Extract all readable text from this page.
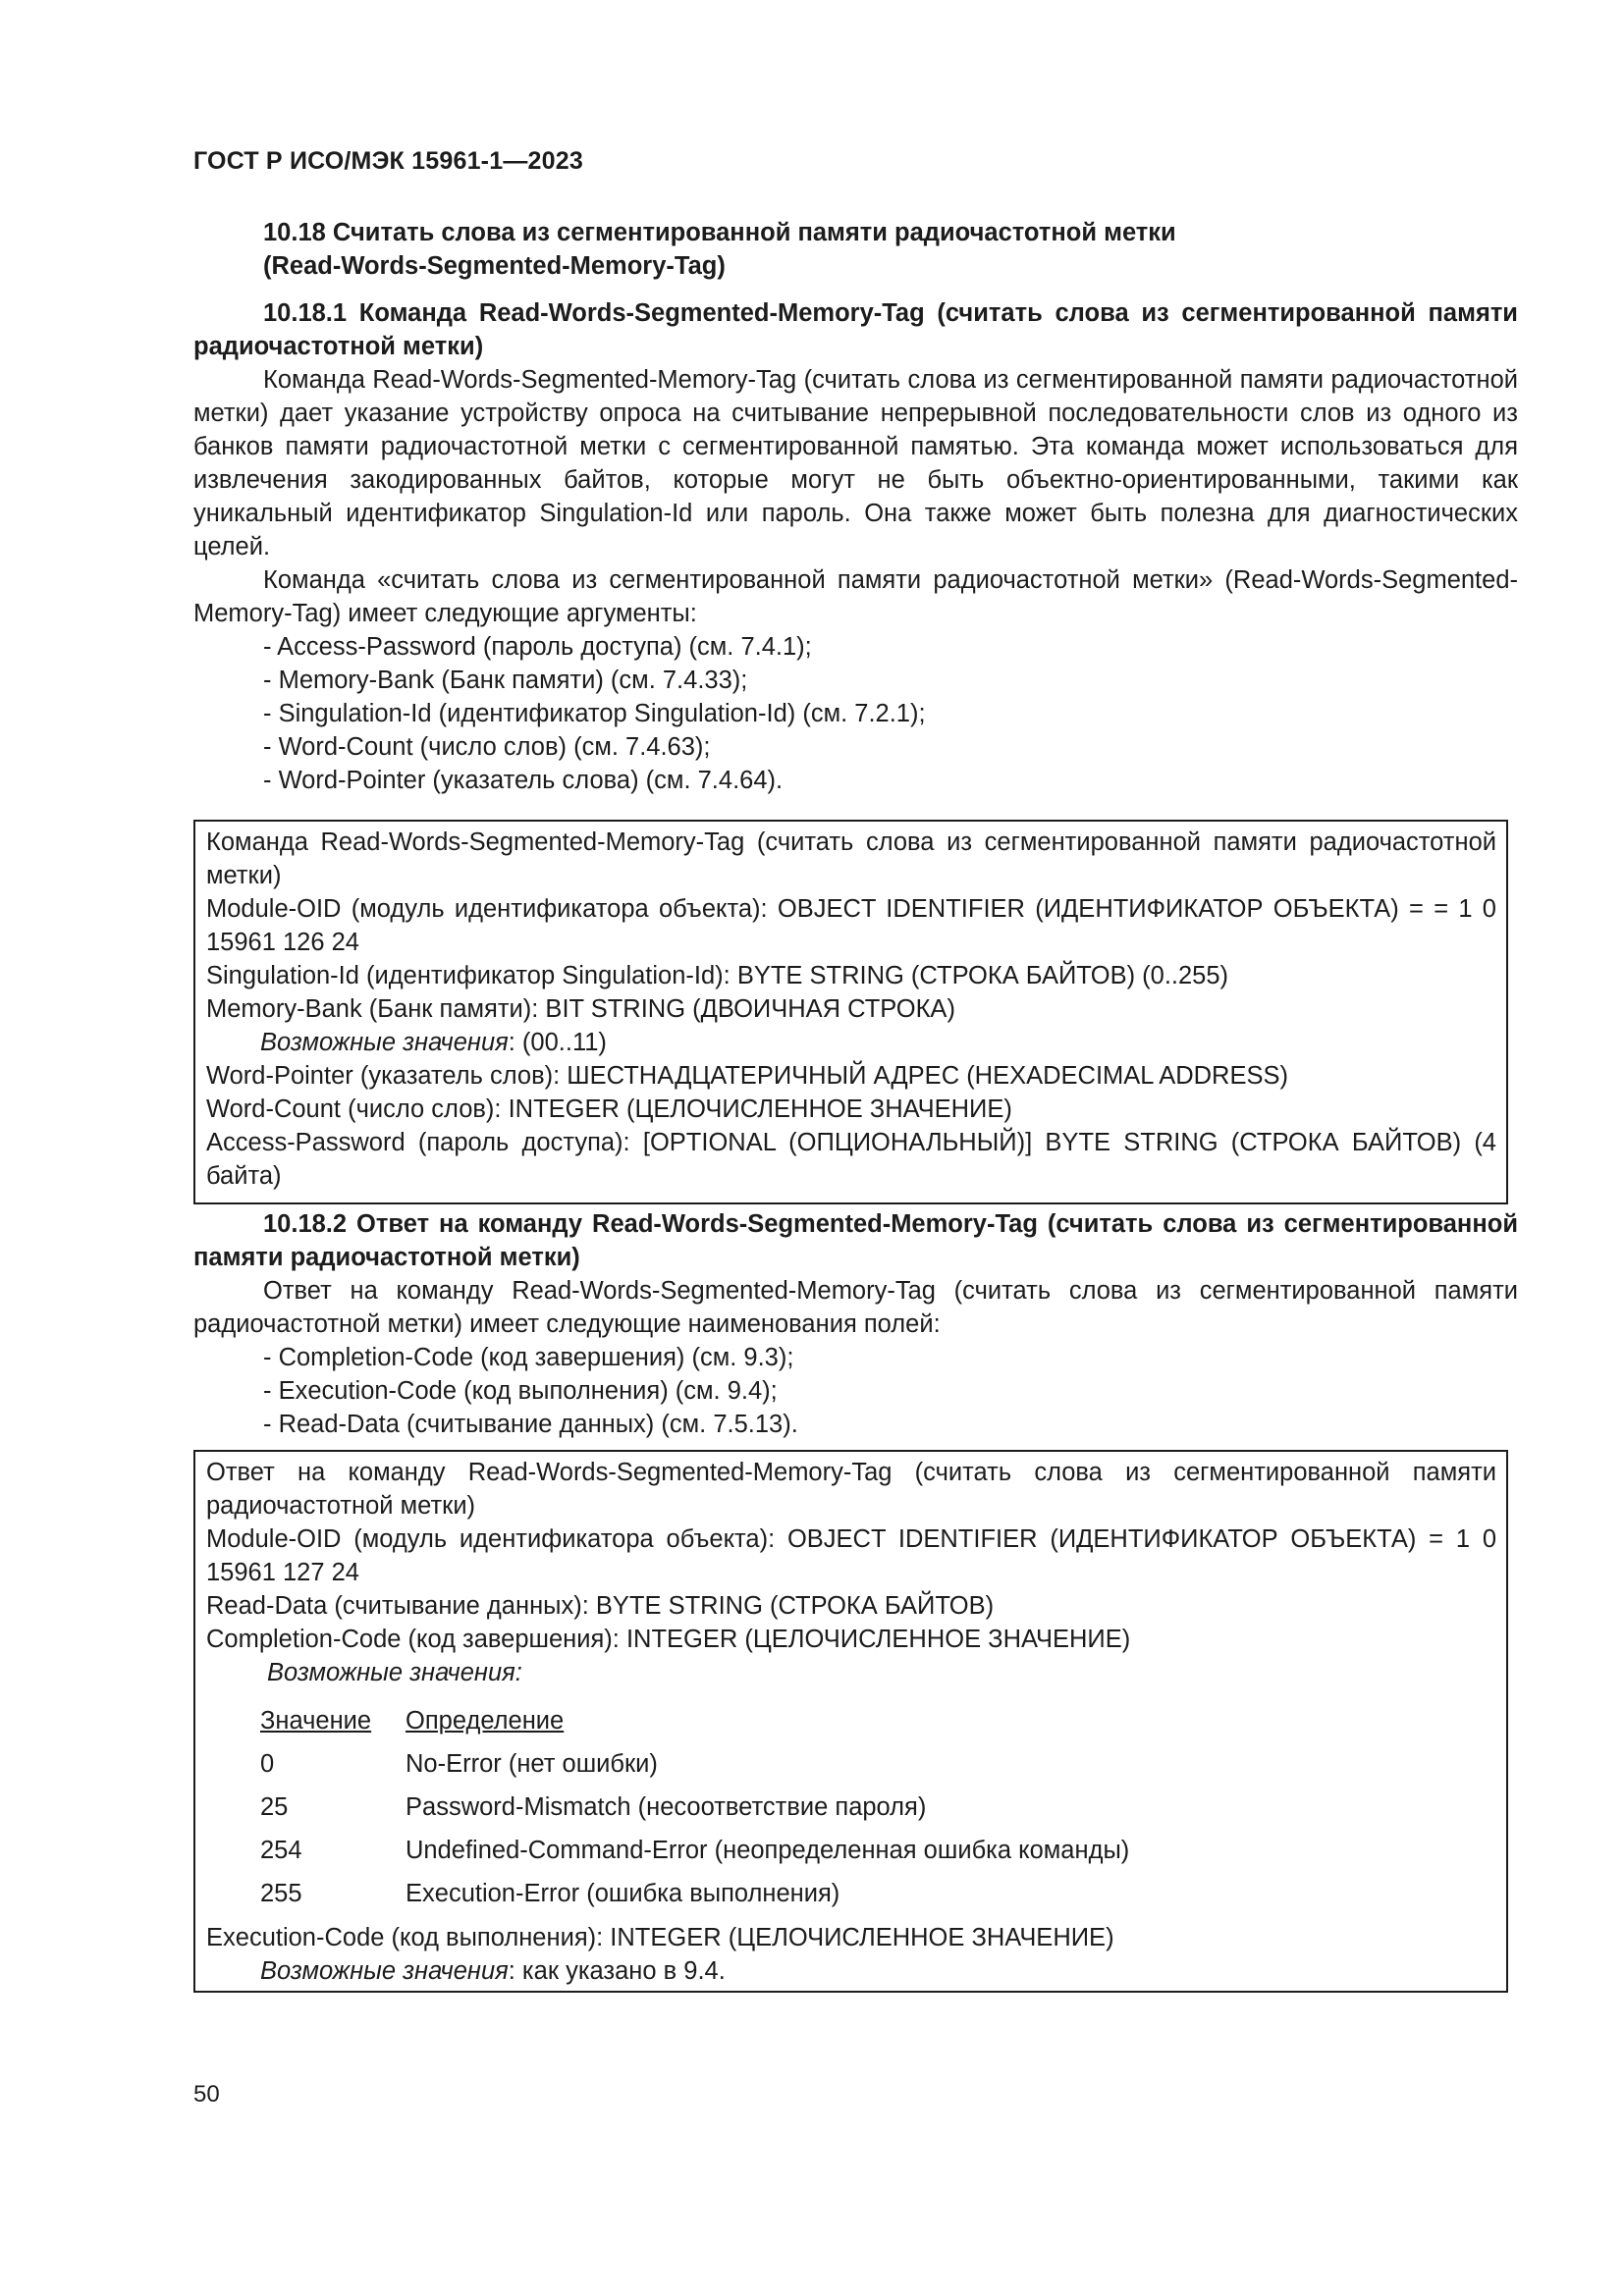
ГОСТ Р ИСО/МЭК 15961-1—2023

10.18 Считать слова из сегментированной памяти радиочастотной метки

(Read-Words-Segmented-Memory-Tag)

10.18.1 Команда Read-Words-Segmented-Memory-Tag (считать слова из сегментированной памяти радиочастотной метки)

Команда Read-Words-Segmented-Memory-Tag (считать слова из сегментированной памяти радиочастотной метки) дает указание устройству опроса на считывание непрерывной последовательности слов из одного из банков памяти радиочастотной метки с сегментированной памятью. Эта команда может использоваться для извлечения закодированных байтов, которые могут не быть объектно-ориентированными, такими как уникальный идентификатор Singulation-Id или пароль. Она также может быть полезна для диагностических целей.

Команда «считать слова из сегментированной памяти радиочастотной метки» (Read-Words-Segmented-Memory-Tag) имеет следующие аргументы:

- Access-Password (пароль доступа) (см. 7.4.1);

- Memory-Bank (Банк памяти) (см. 7.4.33);

- Singulation-Id (идентификатор Singulation-Id) (см. 7.2.1);

- Word-Count (число слов) (см. 7.4.63);

- Word-Pointer (указатель слова) (см. 7.4.64).

Команда Read-Words-Segmented-Memory-Tag (считать слова из сегментированной памяти радиочастотной метки)

Module-OID (модуль идентификатора объекта): OBJECT IDENTIFIER (ИДЕНТИФИКАТОР ОБЪЕКТА) = = 1 0 15961 126 24

Singulation-Id (идентификатор Singulation-Id): BYTE STRING (СТРОКА БАЙТОВ) (0..255)

Memory-Bank (Банк памяти): BIT STRING (ДВОИЧНАЯ СТРОКА)

Возможные значения: (00..11)

Word-Pointer (указатель слов): ШЕСТНАДЦАТЕРИЧНЫЙ АДРЕС (HEXADECIMAL ADDRESS)

Word-Count (число слов): INTEGER (ЦЕЛОЧИСЛЕННОЕ ЗНАЧЕНИЕ)

Access-Password (пароль доступа): [OPTIONAL (ОПЦИОНАЛЬНЫЙ)] BYTE STRING (СТРОКА БАЙТОВ) (4 байта)

10.18.2 Ответ на команду Read-Words-Segmented-Memory-Tag (считать слова из сегментированной памяти радиочастотной метки)

Ответ на команду Read-Words-Segmented-Memory-Tag (считать слова из сегментированной памяти радиочастотной метки) имеет следующие наименования полей:

- Completion-Code (код завершения) (см. 9.3);

- Execution-Code (код выполнения) (см. 9.4);

- Read-Data (считывание данных) (см. 7.5.13).

Ответ на команду Read-Words-Segmented-Memory-Tag (считать слова из сегментированной памяти радиочастотной метки)

Module-OID (модуль идентификатора объекта): OBJECT IDENTIFIER (ИДЕНТИФИКАТОР ОБЪЕКТА) = 1 0 15961 127 24

Read-Data (считывание данных): BYTE STRING (СТРОКА БАЙТОВ)

Completion-Code (код завершения): INTEGER (ЦЕЛОЧИСЛЕННОЕ ЗНАЧЕНИЕ)

Возможные значения:

Значение	Определение
0	No-Error (нет ошибки)
25	Password-Mismatch (несоответствие пароля)
254	Undefined-Command-Error (неопределенная ошибка команды)
255	Execution-Error (ошибка выполнения)

Execution-Code (код выполнения): INTEGER (ЦЕЛОЧИСЛЕННОЕ ЗНАЧЕНИЕ)

Возможные значения: как указано в 9.4.

50
